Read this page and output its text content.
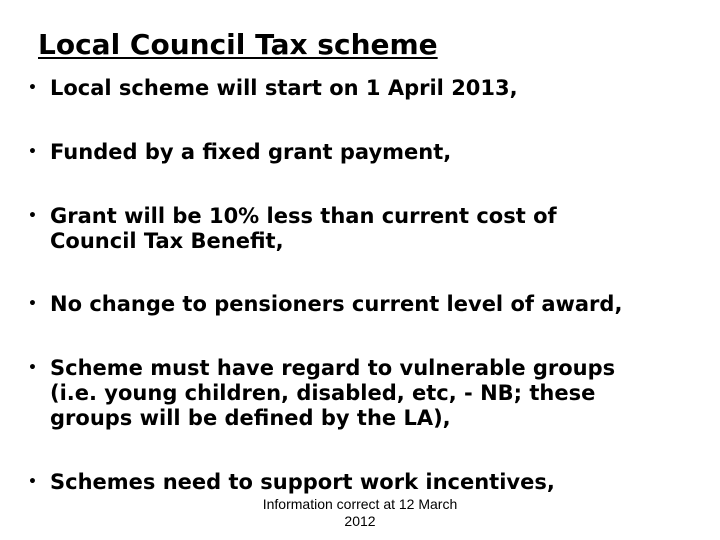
Local Council Tax scheme
• Local scheme will start on 1 April 2013,
• Funded by a fixed grant payment,
• Grant will be 10% less than current cost of
Council Tax Benefit,
• No change to pensioners current level of award,
• Scheme must have regard to vulnerable groups
(i.e. young children, disabled, etc, - NB; these
groups will be defined by the LA),
• Schemes need to support work incentives,
Information correct at 12 March
2012
